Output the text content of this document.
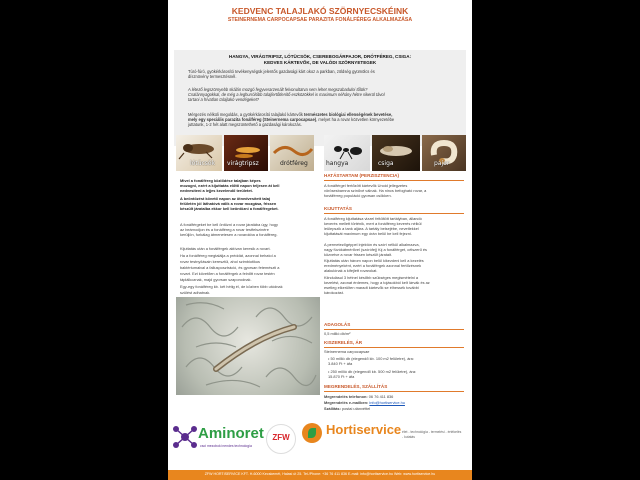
KEDVENC TALAJLAKÓ SZÖRNYECSKÉINK
STEINERNEMA CARPOCAPSAE PARAZITA FONÁLFÉREG ALKALMAZÁSA
HANGYA, VIRÁGTRIPSZ, LÓTÜCSÖK, CSEREBOGÁRPAJOR, DRÓTFÉREG, CSIGA:
KEDVES KÁRTEVŐK, DE VALÓDI SZÖRNYETEGEK
Túró-fúró, gyökérkárosító tevékenységük jelentős gazdasági kárt okoz a parkban, zöldség gyümölcs és
dísznövény termesztésnél.
A létező legszörnyebb skálán mozgó fegyverarzenált felvonultatva sem lehet megszabadulni tőlük?
Csalánnyagokkal, de még a leghurrólóbb talajfertőtlenítő eszközökkel is maximum néhány hétre sikerül távol
tartani a hívatlan talajlakó vendégeket?
Mérgezés nélküli megoldás, a gyökérkárosító talajlakó kártevők természetes biológiai ellenségének bevetése,
mely egy speciális parazita fonálféreg (Steinernema carpocapsae), melyet ha a rovar közvetlen környezetébe
juttatunk, 1-2 hét alatt megszüntethető a gazdasági károkozás.
lótücsök virágtripsz	drótféreg	hangya	csiga	pajor
Mivel a fonálféreg közlődése talajban képes
mozogni, ezért a kijuttatás előtti napon teljesen át kell
nedvesíteni a lejjes kezelendő területet.
A beöntözést követő napon az ötnedvesített talaj
felületén jól láthatóvá válik a rovar mozgása, frissen
készült járatalba ekkor kell beöntözni a fonálférgeket.
A fonálférgeket be kell öntözni a rovar járatába úgy, hogy
az beárnodjon és a fonálféreg a rovar testfelszínére
kerüljön, furkálag átmenetesen a rovarokba a fonálféreg.
Kijuttatás után a fonálférgek aktívan keresik a rovart.
Ha a fonálféreg megtalálja a préddát, azonnal behatol a
rovar testnyílásain keresztül, ahol szimbiotikus
baktériumaival a fallusposztráció, és gyorsan fetemészti a
rovart. Ezt követően a fonálférgek a felnőtt rovar testén
táplálkoznak, majd gyorsan szaporodnak.
Egy-egy fonálféreg kb. két hétig él, de közben több utódnak
szülést adhatnak.
HATÁSTARTAM (PERZISZTENCIA)
A fonálférgel fertőzött kártevők Unoid jellegzetes
vörösesbarnna színűvé válnak. Ha nincs befogható rovar, a
fonálférreg populáció gyorsan csökken.
KIJUTTATÁS
A fonálféreg kijuttatása vizzel feltöltött tartályban, állandó
keverés mellett történik, mert a fonálféreg keverés nélkül
leülepszik a tank aljára. A tartály belsejébe, nevetlekkel
kijuttatását maximum egy órán belül be kell fejezni.
A permetezőgéppel injektón és szórt nélkül alkalmazva,
nagy fúvókátmérővel (szórófej) fúj a fonálférget, célszerű és
közvetve a rovar frissen készült járatait.
Kijuttatás után három napon belül kikezdeni kell a kezelés
eredményeként, ezért a fonálférgek azonnal fertőzésnek
alakulónak a kifejlett rovarokat.
Kiindulásul 3 hétnel később szükséges megismételni a
kezelést, azonat érdemes, hogy a tojásokból kelt lárvák és az
esetleg elkerülten maradt kártevők se élhessék további
károkozást.
ADAGOLÁS
0,5 millió db/m²
KISZERELÉS, ÁR
Steinernema carpocapsae
• 50 millió db (elegendő kb. 100 m2 felületre), ára:
3.840 Ft + áfa
• 250 millió db (elegendő kb. 500 m2 felületre), ára:
15.870 Ft + áfa
MEGRENDELÉS, SZÁLLÍTÁS
Megrendelés telefonon: 06 76 411 836
Megrendelés e-mailben: info@hortiservice.hu
Szállítás: postai utánvéttel
Aminoret
csoi mezoboki nendes technologia
ZFW
Hortiservice élet - technológia - termelési - értékelés - kutatás
ZFW HORTISERVICE KFT. H-6000 Kecskemét, Halasi út 25. Tel./Phone: +36 76 411 836 E-mail: info@hortiservice.hu Web: www.hortiservice.hu
